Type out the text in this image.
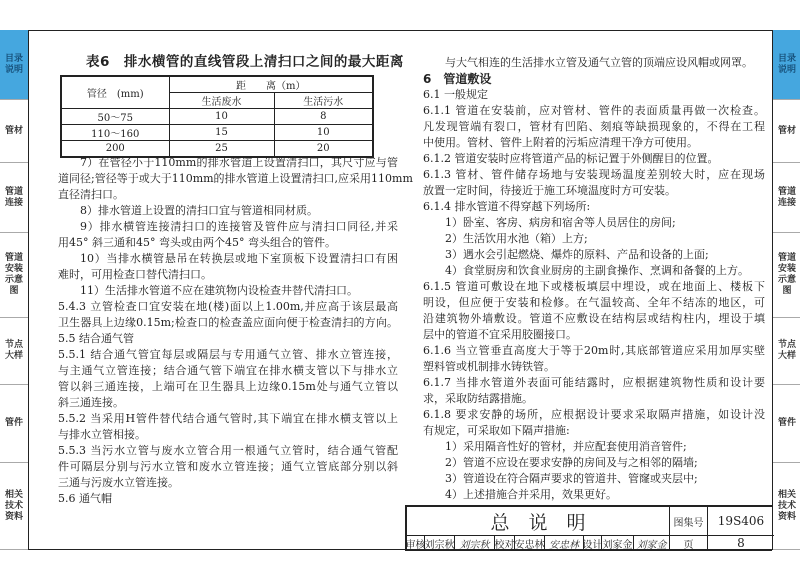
目录说明
管材
管道连接
管道安装示意图
节点大样
管件
相关技术资料
目录说明
管材
管道连接
管道安装示意图
节点大样
管件
相关技术资料
表6　排水横管的直线管段上清扫口之间的最大距离
管径　(mm)	距　　离（m）	
	生活废水	生活污水
50～75	10	8
110～160	15	10
200	25	20
7）在管径小于110mm的排水管道上设置清扫口，其尺寸应与管
道同径;管径等于或大于110mm的排水管道上设置清扫口,应采用110mm
直径清扫口。
8）排水管道上设置的清扫口宜与管道相同材质。
9）排水横管连接清扫口的连接管及管件应与清扫口同径,并采
用45° 斜三通和45° 弯头或由两个45° 弯头组合的管件。
10）当排水横管悬吊在转换层或地下室顶板下设置清扫口有困
难时，可用检查口替代清扫口。
11）生活排水管道不应在建筑物内设检查井替代清扫口。
5.4.3 立管检查口宜安装在地(楼)面以上1.00m,并应高于该层最高
卫生器具上边缘0.15m;检查口的检查盖应面向便于检查清扫的方向。
5.5 结合通气管
5.5.1 结合通气管宜每层或隔层与专用通气立管、排水立管连接，
与主通气立管连接；结合通气管下端宜在排水横支管以下与排水立
管以斜三通连接，上端可在卫生器具上边缘0.15m处与通气立管以
斜三通连接。
5.5.2 当采用H管件替代结合通气管时,其下端宜在排水横支管以上
与排水立管相接。
5.5.3 当污水立管与废水立管合用一根通气立管时，结合通气管配
件可隔层分别与污水立管和废水立管连接；通气立管底部分别以斜
三通与污废水立管连接。
5.6 通气帽
与大气相连的生活排水立管及通气立管的顶端应设风帽或网罩。
6　管道敷设
6.1 一般规定
6.1.1 管道在安装前，应对管材、管件的表面质量再做一次检查。
凡发现管端有裂口，管材有凹陷、刻痕等缺损现象的，不得在工程
中使用。管材、管件上附着的污垢应清理干净方可使用。
6.1.2 管道安装时应将管道产品的标记置于外侧醒目的位置。
6.1.3 管材、管件储存场地与安装现场温度差别较大时，应在现场
放置一定时间，待接近于施工环境温度时方可安装。
6.1.4 排水管道不得穿越下列场所:
1）卧室、客房、病房和宿舍等人员居住的房间;
2）生活饮用水池（箱）上方;
3）遇水会引起燃烧、爆炸的原料、产品和设备的上面;
4）食堂厨房和饮食业厨房的主副食操作、烹调和备餐的上方。
6.1.5 管道可敷设在地下或楼板填层中埋设，或在地面上、楼板下
明设，但应便于安装和检修。在气温较高、全年不结冻的地区，可
沿建筑物外墙敷设。管道不应敷设在结构层或结构柱内，埋设于填
层中的管道不宜采用胶圈接口。
6.1.6 当立管垂直高度大于等于20m时,其底部管道应采用加厚实壁
塑料管或机制排水铸铁管。
6.1.7 当排水管道外表面可能结露时，应根据建筑物性质和设计要
求，采取防结露措施。
6.1.8 要求安静的场所，应根据设计要求采取隔声措施，如设计没
有规定，可采取如下隔声措施:
1）采用隔音性好的管材，并应配套使用消音管件;
2）管道不应设在要求安静的房间及与之相邻的隔墙;
3）管道设在符合隔声要求的管道井、管窿或夹层中;
4）上述措施合并采用，效果更好。
总　说　明	图集号	19S406
审核 刘宗秋 刘宗秋 校对 安忠林 安忠林 设计 刘家金 刘家金	页	8
